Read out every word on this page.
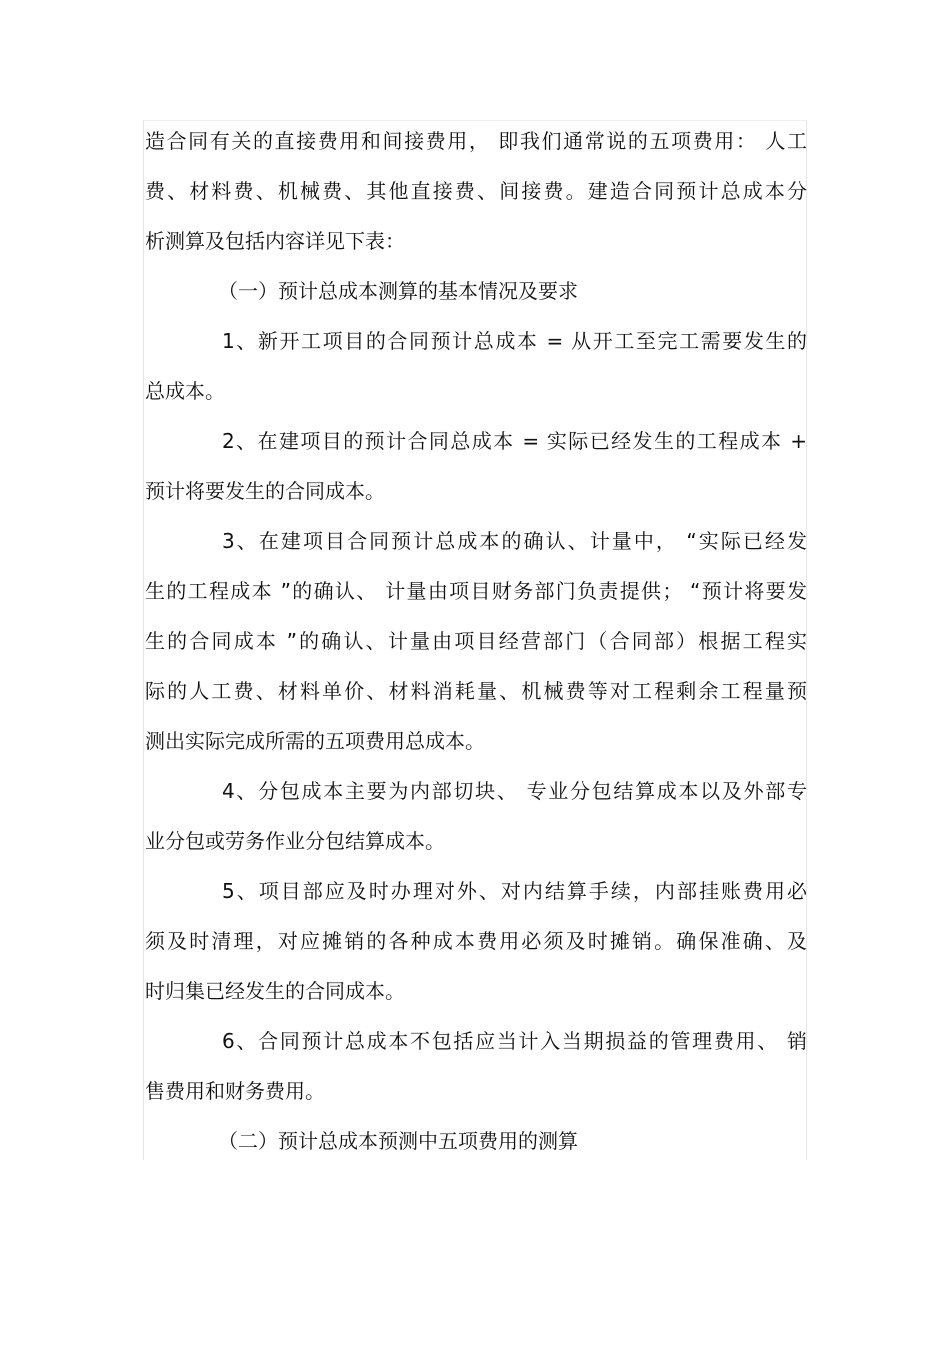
造合同有关的直接费用和间接费用， 即我们通常说的五项费用： 人工
费、材料费、机械费、其他直接费、间接费。建造合同预计总成本分
析测算及包括内容详见下表：
（一）预计总成本测算的基本情况及要求
1、新开工项目的合同预计总成本 = 从开工至完工需要发生的
总成本。
2、在建项目的预计合同总成本 = 实际已经发生的工程成本 +
预计将要发生的合同成本。
3、在建项目合同预计总成本的确认、计量中， “实际已经发
生的工程成本 ”的确认、 计量由项目财务部门负责提供； “预计将要发
生的合同成本 ”的确认、计量由项目经营部门（合同部）根据工程实
际的人工费、材料单价、材料消耗量、机械费等对工程剩余工程量预
测出实际完成所需的五项费用总成本。
4、分包成本主要为内部切块、 专业分包结算成本以及外部专
业分包或劳务作业分包结算成本。
5、项目部应及时办理对外、对内结算手续，内部挂账费用必
须及时清理，对应摊销的各种成本费用必须及时摊销。确保准确、及
时归集已经发生的合同成本。
6、合同预计总成本不包括应当计入当期损益的管理费用、 销
售费用和财务费用。
（二）预计总成本预测中五项费用的测算
